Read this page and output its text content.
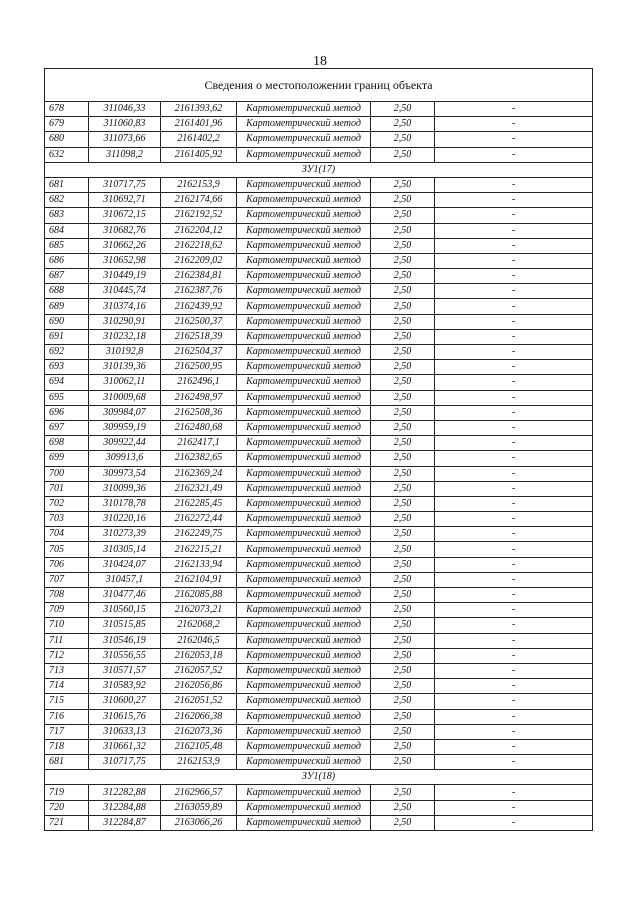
18
Сведения о местоположении границ объекта					
678	311046,33	2161393,62	Картометрический метод	2,50	-
679	311060,83	2161401,96	Картометрический метод	2,50	-
680	311073,66	2161402,2	Картометрический метод	2,50	-
632	311098,2	2161405,92	Картометрический метод	2,50	-
ЗУ1(17)					
681	310717,75	2162153,9	Картометрический метод	2,50	-
682	310692,71	2162174,66	Картометрический метод	2,50	-
683	310672,15	2162192,52	Картометрический метод	2,50	-
684	310682,76	2162204,12	Картометрический метод	2,50	-
685	310662,26	2162218,62	Картометрический метод	2,50	-
686	310652,98	2162209,02	Картометрический метод	2,50	-
687	310449,19	2162384,81	Картометрический метод	2,50	-
688	310445,74	2162387,76	Картометрический метод	2,50	-
689	310374,16	2162439,92	Картометрический метод	2,50	-
690	310290,91	2162500,37	Картометрический метод	2,50	-
691	310232,18	2162518,39	Картометрический метод	2,50	-
692	310192,8	2162504,37	Картометрический метод	2,50	-
693	310139,36	2162500,95	Картометрический метод	2,50	-
694	310062,11	2162496,1	Картометрический метод	2,50	-
695	310009,68	2162498,97	Картометрический метод	2,50	-
696	309984,07	2162508,36	Картометрический метод	2,50	-
697	309959,19	2162480,68	Картометрический метод	2,50	-
698	309922,44	2162417,1	Картометрический метод	2,50	-
699	309913,6	2162382,65	Картометрический метод	2,50	-
700	309973,54	2162369,24	Картометрический метод	2,50	-
701	310099,36	2162321,49	Картометрический метод	2,50	-
702	310178,78	2162285,45	Картометрический метод	2,50	-
703	310220,16	2162272,44	Картометрический метод	2,50	-
704	310273,39	2162249,75	Картометрический метод	2,50	-
705	310305,14	2162215,21	Картометрический метод	2,50	-
706	310424,07	2162133,94	Картометрический метод	2,50	-
707	310457,1	2162104,91	Картометрический метод	2,50	-
708	310477,46	2162085,88	Картометрический метод	2,50	-
709	310560,15	2162073,21	Картометрический метод	2,50	-
710	310515,85	2162068,2	Картометрический метод	2,50	-
711	310546,19	2162046,5	Картометрический метод	2,50	-
712	310556,55	2162053,18	Картометрический метод	2,50	-
713	310571,57	2162057,52	Картометрический метод	2,50	-
714	310583,92	2162056,86	Картометрический метод	2,50	-
715	310600,27	2162051,52	Картометрический метод	2,50	-
716	310615,76	2162066,38	Картометрический метод	2,50	-
717	310633,13	2162073,36	Картометрический метод	2,50	-
718	310661,32	2162105,48	Картометрический метод	2,50	-
681	310717,75	2162153,9	Картометрический метод	2,50	-
ЗУ1(18)					
719	312282,88	2162966,57	Картометрический метод	2,50	-
720	312284,88	2163059,89	Картометрический метод	2,50	-
721	312284,87	2163066,26	Картометрический метод	2,50	-
